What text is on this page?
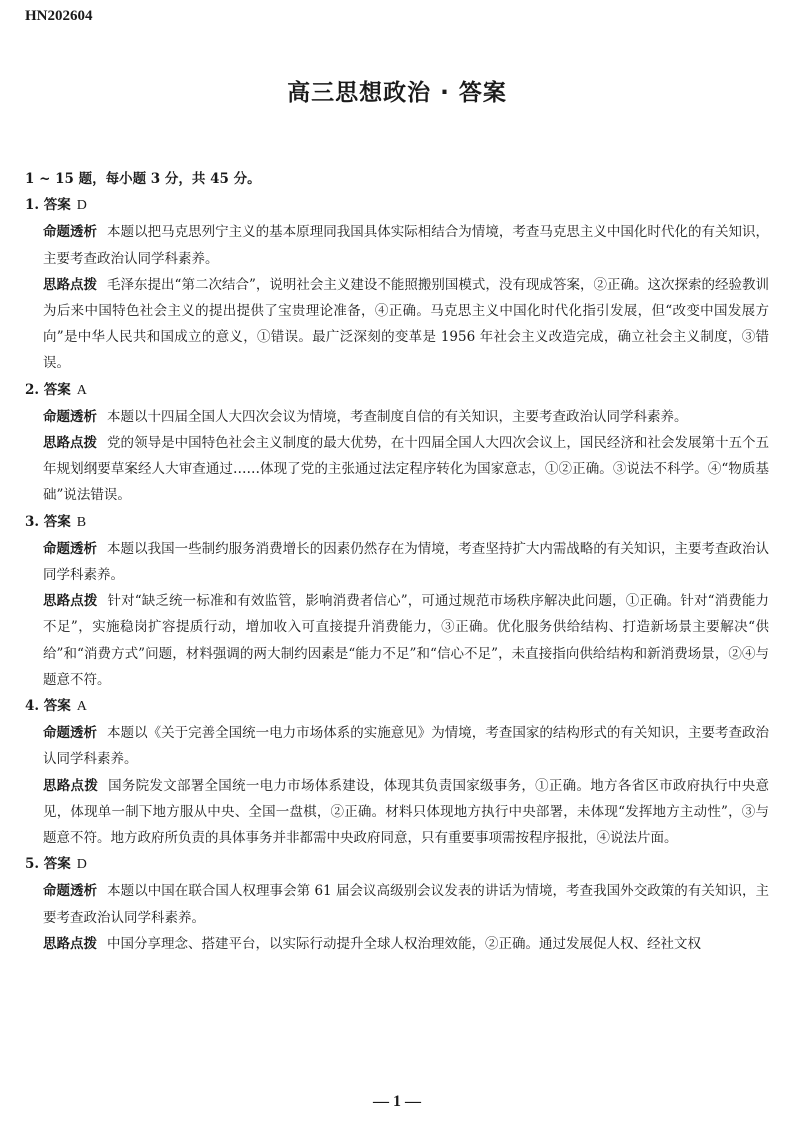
HN202604
高三思想政治 · 答案
1 ~ 15 题，每小题 3 分，共 45 分。
1. 答案 D
命题透析 本题以把马克思列宁主义的基本原理同我国具体实际相结合为情境，考查马克思主义中国化时代化的有关知识，主要考查政治认同学科素养。
思路点拨 毛泽东提出“第二次结合”，说明社会主义建设不能照搬别国模式，没有现成答案，②正确。这次探索的经验教训为后来中国特色社会主义的提出提供了宝贵理论准备，④正确。马克思主义中国化时代化指引发展，但“改变中国发展方向”是中华人民共和国成立的意义，①错误。最广泛深刻的变革是 1956 年社会主义改造完成，确立社会主义制度，③错误。
2. 答案 A
命题透析 本题以十四届全国人大四次会议为情境，考查制度自信的有关知识，主要考查政治认同学科素养。
思路点拨 党的领导是中国特色社会主义制度的最大优势，在十四届全国人大四次会议上，国民经济和社会发展第十五个五年规划纲要草案经人大审查通过……体现了党的主张通过法定程序转化为国家意志，①②正确。③说法不科学。④“物质基础”说法错误。
3. 答案 B
命题透析 本题以我国一些制约服务消费增长的因素仍然存在为情境，考查坚持扩大内需战略的有关知识，主要考查政治认同学科素养。
思路点拨 针对“缺乏统一标准和有效监管，影响消费者信心”，可通过规范市场秩序解决此问题，①正确。针对“消费能力不足”，实施稳岗扩容提质行动，增加收入可直接提升消费能力，③正确。优化服务供给结构、打造新场景主要解决“供给”和“消费方式”问题，材料强调的两大制约因素是“能力不足”和“信心不足”，未直接指向供给结构和新消费场景，②④与题意不符。
4. 答案 A
命题透析 本题以《关于完善全国统一电力市场体系的实施意见》为情境，考查国家的结构形式的有关知识，主要考查政治认同学科素养。
思路点拨 国务院发文部署全国统一电力市场体系建设，体现其负责国家级事务，①正确。地方各省区市政府执行中央意见，体现单一制下地方服从中央、全国一盘棋，②正确。材料只体现地方执行中央部署，未体现“发挥地方主动性”，③与题意不符。地方政府所负责的具体事务并非都需中央政府同意，只有重要事项需按程序报批，④说法片面。
5. 答案 D
命题透析 本题以中国在联合国人权理事会第 61 届会议高级别会议发表的讲话为情境，考查我国外交政策的有关知识，主要考查政治认同学科素养。
思路点拨 中国分享理念、搭建平台，以实际行动提升全球人权治理效能，②正确。通过发展促人权、经社文权
— 1 —
